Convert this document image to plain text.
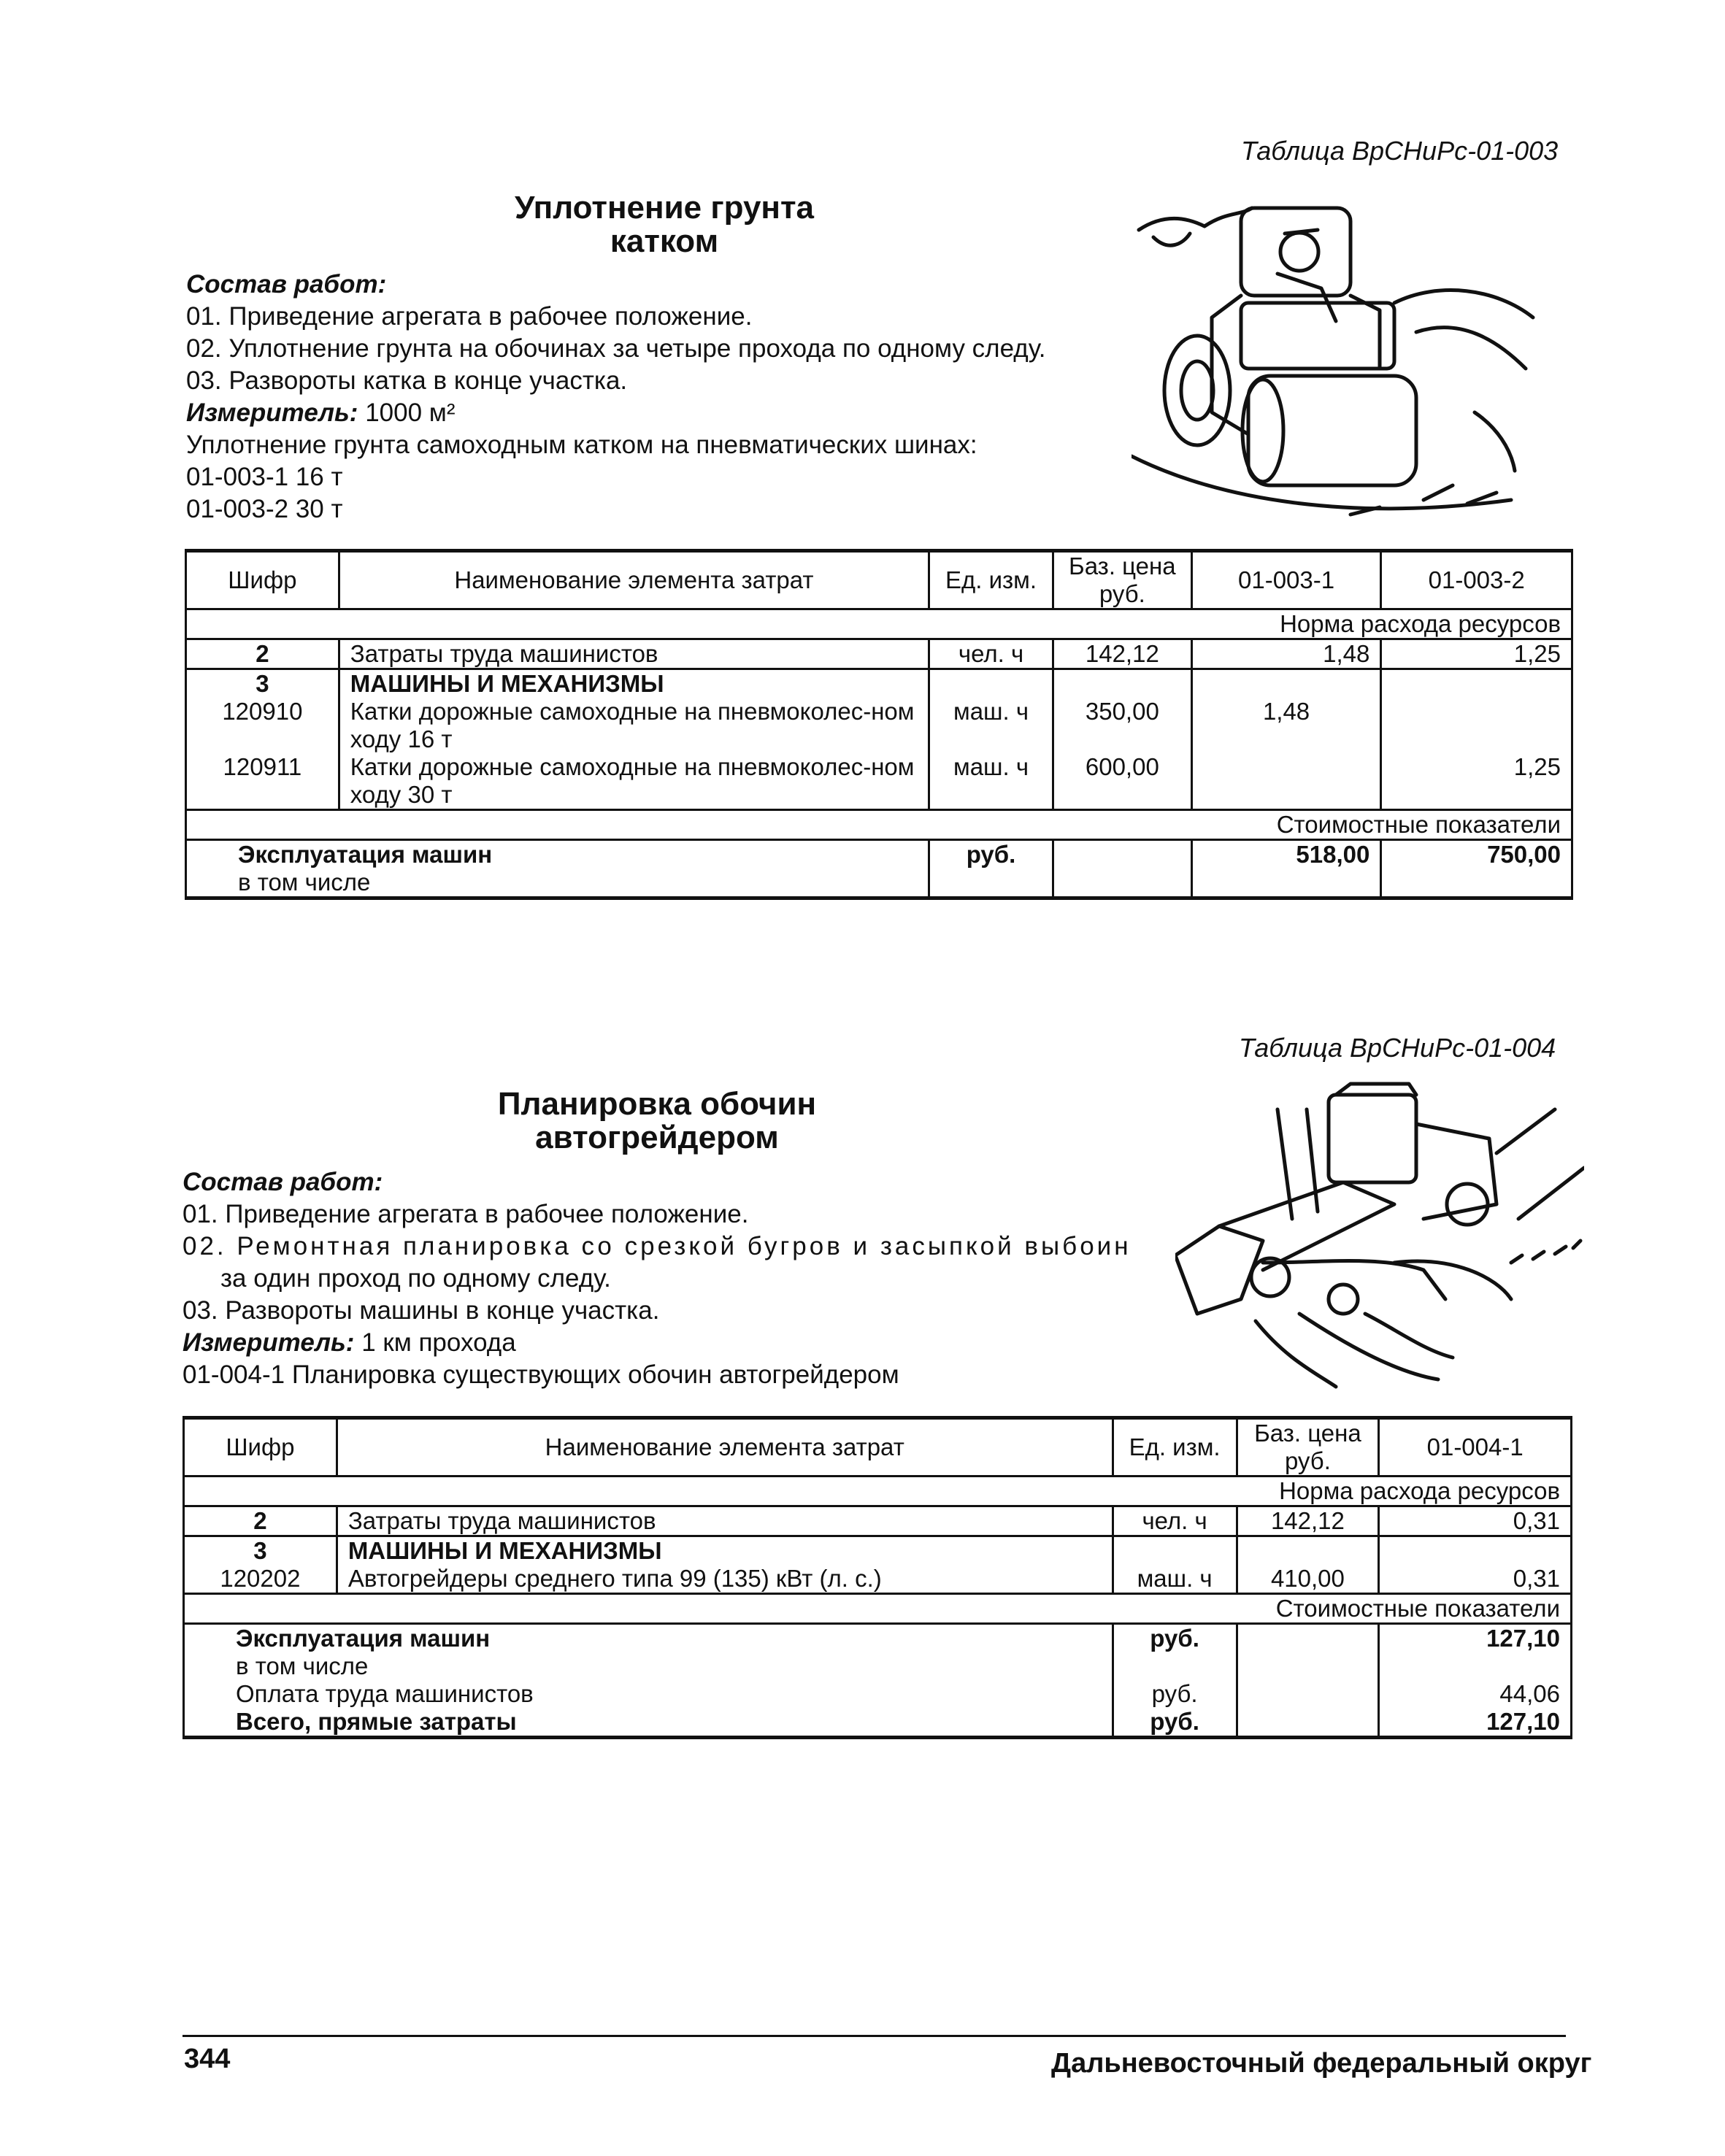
Таблица ВрСНиРс-01-003
Уплотнение грунта
катком
Состав работ:
01. Приведение агрегата в рабочее положение.
02. Уплотнение грунта на обочинах за четыре прохода по одному следу.
03. Развороты катка в конце участка.
Измеритель: 1000 м²
Уплотнение грунта самоходным катком на пневматических шинах:
01-003-1 16 т
01-003-2 30 т
Шифр	Наименование элемента затрат	Ед. изм.	Баз. цена руб.	01-003-1	01-003-2
Норма расхода ресурсов					
2	Затраты труда машинистов	чел. ч	142,12	1,48	1,25
3	МАШИНЫ И МЕХАНИЗМЫ				
120910	Катки дорожные самоходные на пневмоколес-ном ходу 16 т	маш. ч	350,00	1,48	
120911	Катки дорожные самоходные на пневмоколес-ном ходу 30 т	маш. ч	600,00		1,25
Стоимостные показатели					
Эксплуатация машин		руб.		518,00	750,00
в том числе					

Таблица ВрСНиРс-01-004
Планировка обочин
автогрейдером
Состав работ:
01. Приведение агрегата в рабочее положение.
02. Ремонтная планировка со срезкой бугров и засыпкой выбоин
за один проход по одному следу.
03. Развороты машины в конце участка.
Измеритель: 1 км прохода
01-004-1 Планировка существующих обочин автогрейдером
Шифр	Наименование элемента затрат	Ед. изм.	Баз. цена руб.	01-004-1
Норма расхода ресурсов				
2	Затраты труда машинистов	чел. ч	142,12	0,31
3	МАШИНЫ И МЕХАНИЗМЫ			
120202	Автогрейдеры среднего типа 99 (135) кВт (л. с.)	маш. ч	410,00	0,31
Стоимостные показатели				
Эксплуатация машин		руб.		127,10
в том числе				
Оплата труда машинистов		руб.		44,06
Всего, прямые затраты		руб.		127,10
344	Дальневосточный федеральный округ
